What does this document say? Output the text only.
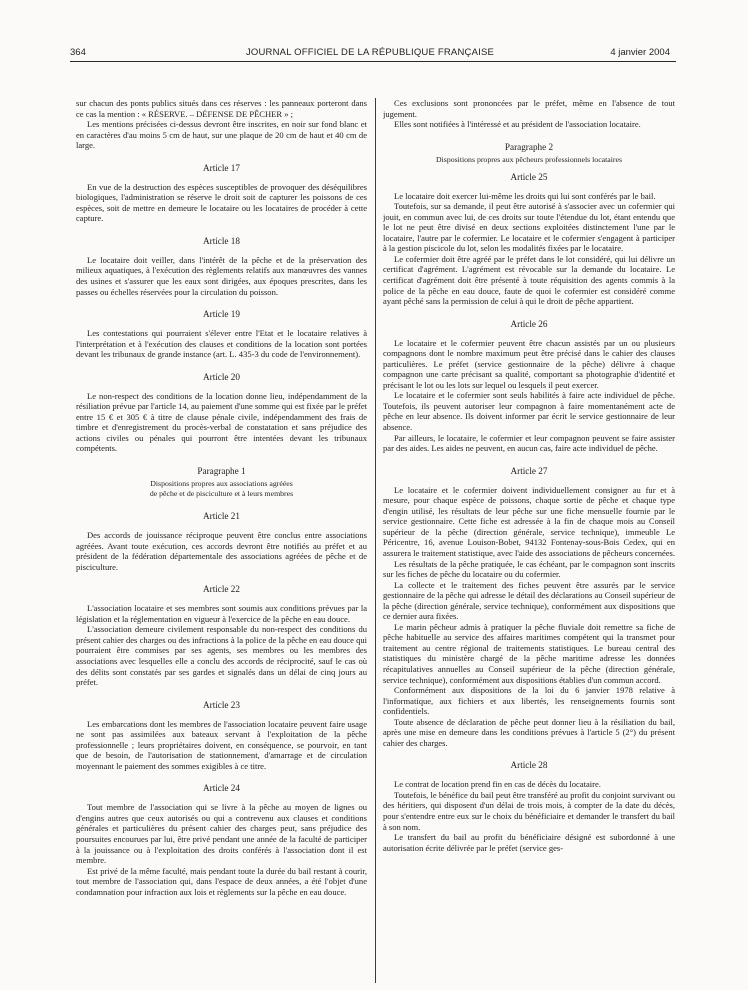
364	JOURNAL OFFICIEL DE LA RÉPUBLIQUE FRANÇAISE	4 janvier 2004

sur chacun des ponts publics situés dans ces réserves : les panneaux porteront dans ce cas la mention : « RÉSERVE. – DÉFENSE DE PÊCHER » ;

Les mentions précisées ci-dessus devront être inscrites, en noir sur fond blanc et en caractères d'au moins 5 cm de haut, sur une plaque de 20 cm de haut et 40 cm de large.

Article 17

En vue de la destruction des espèces susceptibles de provoquer des déséquilibres biologiques, l'administration se réserve le droit soit de capturer les poissons de ces espèces, soit de mettre en demeure le locataire ou les locataires de procéder à cette capture.

Article 18

Le locataire doit veiller, dans l'intérêt de la pêche et de la préservation des milieux aquatiques, à l'exécution des règlements relatifs aux manœuvres des vannes des usines et s'assurer que les eaux sont dirigées, aux époques prescrites, dans les passes ou échelles réservées pour la circulation du poisson.

Article 19

Les contestations qui pourraient s'élever entre l'Etat et le locataire relatives à l'interprétation et à l'exécution des clauses et conditions de la location sont portées devant les tribunaux de grande instance (art. L. 435-3 du code de l'environnement).

Article 20

Le non-respect des conditions de la location donne lieu, indépendamment de la résiliation prévue par l'article 14, au paiement d'une somme qui est fixée par le préfet entre 15 € et 305 € à titre de clause pénale civile, indépendamment des frais de timbre et d'enregistrement du procès-verbal de constatation et sans préjudice des actions civiles ou pénales qui pourront être intentées devant les tribunaux compétents.

Paragraphe 1
Dispositions propres aux associations agréées
de pêche et de pisciculture et à leurs membres
Article 21

Des accords de jouissance réciproque peuvent être conclus entre associations agréées. Avant toute exécution, ces accords devront être notifiés au préfet et au président de la fédération départementale des associations agréées de pêche et de pisciculture.

Article 22

L'association locataire et ses membres sont soumis aux conditions prévues par la législation et la réglementation en vigueur à l'exercice de la pêche en eau douce.

L'association demeure civilement responsable du non-respect des conditions du présent cahier des charges ou des infractions à la police de la pêche en eau douce qui pourraient être commises par ses agents, ses membres ou les membres des associations avec lesquelles elle a conclu des accords de réciprocité, sauf le cas où des délits sont constatés par ses gardes et signalés dans un délai de cinq jours au préfet.

Article 23

Les embarcations dont les membres de l'association locataire peuvent faire usage ne sont pas assimilées aux bateaux servant à l'exploitation de la pêche professionnelle ; leurs propriétaires doivent, en conséquence, se pourvoir, en tant que de besoin, de l'autorisation de stationnement, d'amarrage et de circulation moyennant le paiement des sommes exigibles à ce titre.

Article 24

Tout membre de l'association qui se livre à la pêche au moyen de lignes ou d'engins autres que ceux autorisés ou qui a contrevenu aux clauses et conditions générales et particulières du présent cahier des charges peut, sans préjudice des poursuites encourues par lui, être privé pendant une année de la faculté de participer à la jouissance ou à l'exploitation des droits conférés à l'association dont il est membre.

Est privé de la même faculté, mais pendant toute la durée du bail restant à courir, tout membre de l'association qui, dans l'espace de deux années, a été l'objet d'une condamnation pour infraction aux lois et règlements sur la pêche en eau douce.

Ces exclusions sont prononcées par le préfet, même en l'absence de tout jugement.

Elles sont notifiées à l'intéressé et au président de l'association locataire.

Paragraphe 2
Dispositions propres aux pêcheurs professionnels locataires
Article 25

Le locataire doit exercer lui-même les droits qui lui sont conférés par le bail.

Toutefois, sur sa demande, il peut être autorisé à s'associer avec un cofermier qui jouit, en commun avec lui, de ces droits sur toute l'étendue du lot, étant entendu que le lot ne peut être divisé en deux sections exploitées distinctement l'une par le locataire, l'autre par le cofermier. Le locataire et le cofermier s'engagent à participer à la gestion piscicole du lot, selon les modalités fixées par le locataire.

Le cofermier doit être agréé par le préfet dans le lot considéré, qui lui délivre un certificat d'agrément. L'agrément est révocable sur la demande du locataire. Le certificat d'agrément doit être présenté à toute réquisition des agents commis à la police de la pêche en eau douce, faute de quoi le cofermier est considéré comme ayant pêché sans la permission de celui à qui le droit de pêche appartient.

Article 26

Le locataire et le cofermier peuvent être chacun assistés par un ou plusieurs compagnons dont le nombre maximum peut être précisé dans le cahier des clauses particulières. Le préfet (service gestionnaire de la pêche) délivre à chaque compagnon une carte précisant sa qualité, comportant sa photographie d'identité et précisant le lot ou les lots sur lequel ou lesquels il peut exercer.

Le locataire et le cofermier sont seuls habilités à faire acte individuel de pêche. Toutefois, ils peuvent autoriser leur compagnon à faire momentanément acte de pêche en leur absence. Ils doivent informer par écrit le service gestionnaire de leur absence.

Par ailleurs, le locataire, le cofermier et leur compagnon peuvent se faire assister par des aides. Les aides ne peuvent, en aucun cas, faire acte individuel de pêche.

Article 27

Le locataire et le cofermier doivent individuellement consigner au fur et à mesure, pour chaque espèce de poissons, chaque sortie de pêche et chaque type d'engin utilisé, les résultats de leur pêche sur une fiche mensuelle fournie par le service gestionnaire. Cette fiche est adressée à la fin de chaque mois au Conseil supérieur de la pêche (direction générale, service technique), immeuble Le Péricentre, 16, avenue Louison-Bobet, 94132 Fontenay-sous-Bois Cedex, qui en assurera le traitement statistique, avec l'aide des associations de pêcheurs concernées.

Les résultats de la pêche pratiquée, le cas échéant, par le compagnon sont inscrits sur les fiches de pêche du locataire ou du cofermier.

La collecte et le traitement des fiches peuvent être assurés par le service gestionnaire de la pêche qui adresse le détail des déclarations au Conseil supérieur de la pêche (direction générale, service technique), conformément aux dispositions que ce dernier aura fixées.

Le marin pêcheur admis à pratiquer la pêche fluviale doit remettre sa fiche de pêche habituelle au service des affaires maritimes compétent qui la transmet pour traitement au centre régional de traitements statistiques. Le bureau central des statistiques du ministère chargé de la pêche maritime adresse les données récapitulatives annuelles au Conseil supérieur de la pêche (direction générale, service technique), conformément aux dispositions établies d'un commun accord.

Conformément aux dispositions de la loi du 6 janvier 1978 relative à l'informatique, aux fichiers et aux libertés, les renseignements fournis sont confidentiels.

Toute absence de déclaration de pêche peut donner lieu à la résiliation du bail, après une mise en demeure dans les conditions prévues à l'article 5 (2°) du présent cahier des charges.

Article 28

Le contrat de location prend fin en cas de décès du locataire.

Toutefois, le bénéfice du bail peut être transféré au profit du conjoint survivant ou des héritiers, qui disposent d'un délai de trois mois, à compter de la date du décès, pour s'entendre entre eux sur le choix du bénéficiaire et demander le transfert du bail à son nom.

Le transfert du bail au profit du bénéficiaire désigné est subordonné à une autorisation écrite délivrée par le préfet (service ges-
